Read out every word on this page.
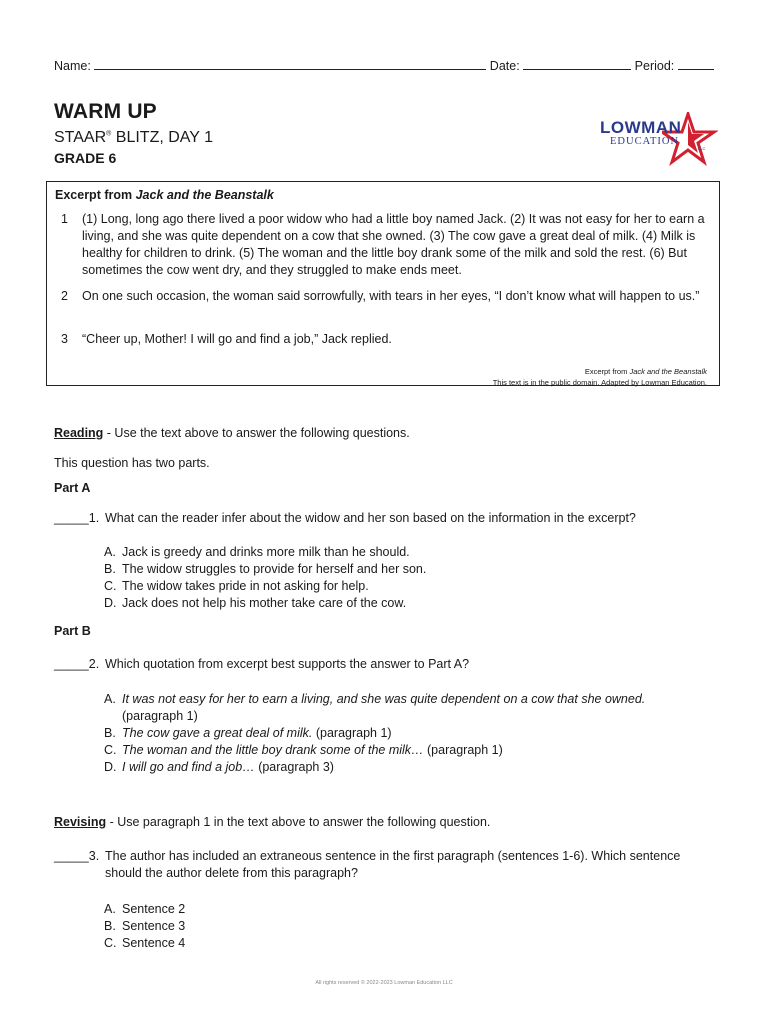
Name:	Date:	Period:
WARM UP
STAAR® BLITZ, DAY 1
GRADE 6
LOWMAN
EDUCATION
LLC
Excerpt from Jack and the Beanstalk
1 (1) Long, long ago there lived a poor widow who had a little boy named Jack. (2) It was not easy for her to earn a living, and she was quite dependent on a cow that she owned. (3) The cow gave a great deal of milk. (4) Milk is healthy for children to drink. (5) The woman and the little boy drank some of the milk and sold the rest. (6) But sometimes the cow went dry, and they struggled to make ends meet.
2 On one such occasion, the woman said sorrowfully, with tears in her eyes, “I don’t know what will happen to us.”
3 “Cheer up, Mother! I will go and find a job,” Jack replied.
Excerpt from Jack and the Beanstalk
This text is in the public domain. Adapted by Lowman Education.
Reading - Use the text above to answer the following questions.
This question has two parts.
Part A
_____1. What can the reader infer about the widow and her son based on the information in the excerpt?
A. Jack is greedy and drinks more milk than he should.
B. The widow struggles to provide for herself and her son.
C. The widow takes pride in not asking for help.
D. Jack does not help his mother take care of the cow.
Part B
_____2. Which quotation from excerpt best supports the answer to Part A?
A. It was not easy for her to earn a living, and she was quite dependent on a cow that she owned. (paragraph 1)
B. The cow gave a great deal of milk. (paragraph 1)
C. The woman and the little boy drank some of the milk… (paragraph 1)
D. I will go and find a job… (paragraph 3)
Revising - Use paragraph 1 in the text above to answer the following question.
_____3. The author has included an extraneous sentence in the first paragraph (sentences 1-6). Which sentence should the author delete from this paragraph?
A. Sentence 2
B. Sentence 3
C. Sentence 4
All rights reserved © 2022-2023 Lowman Education LLC
